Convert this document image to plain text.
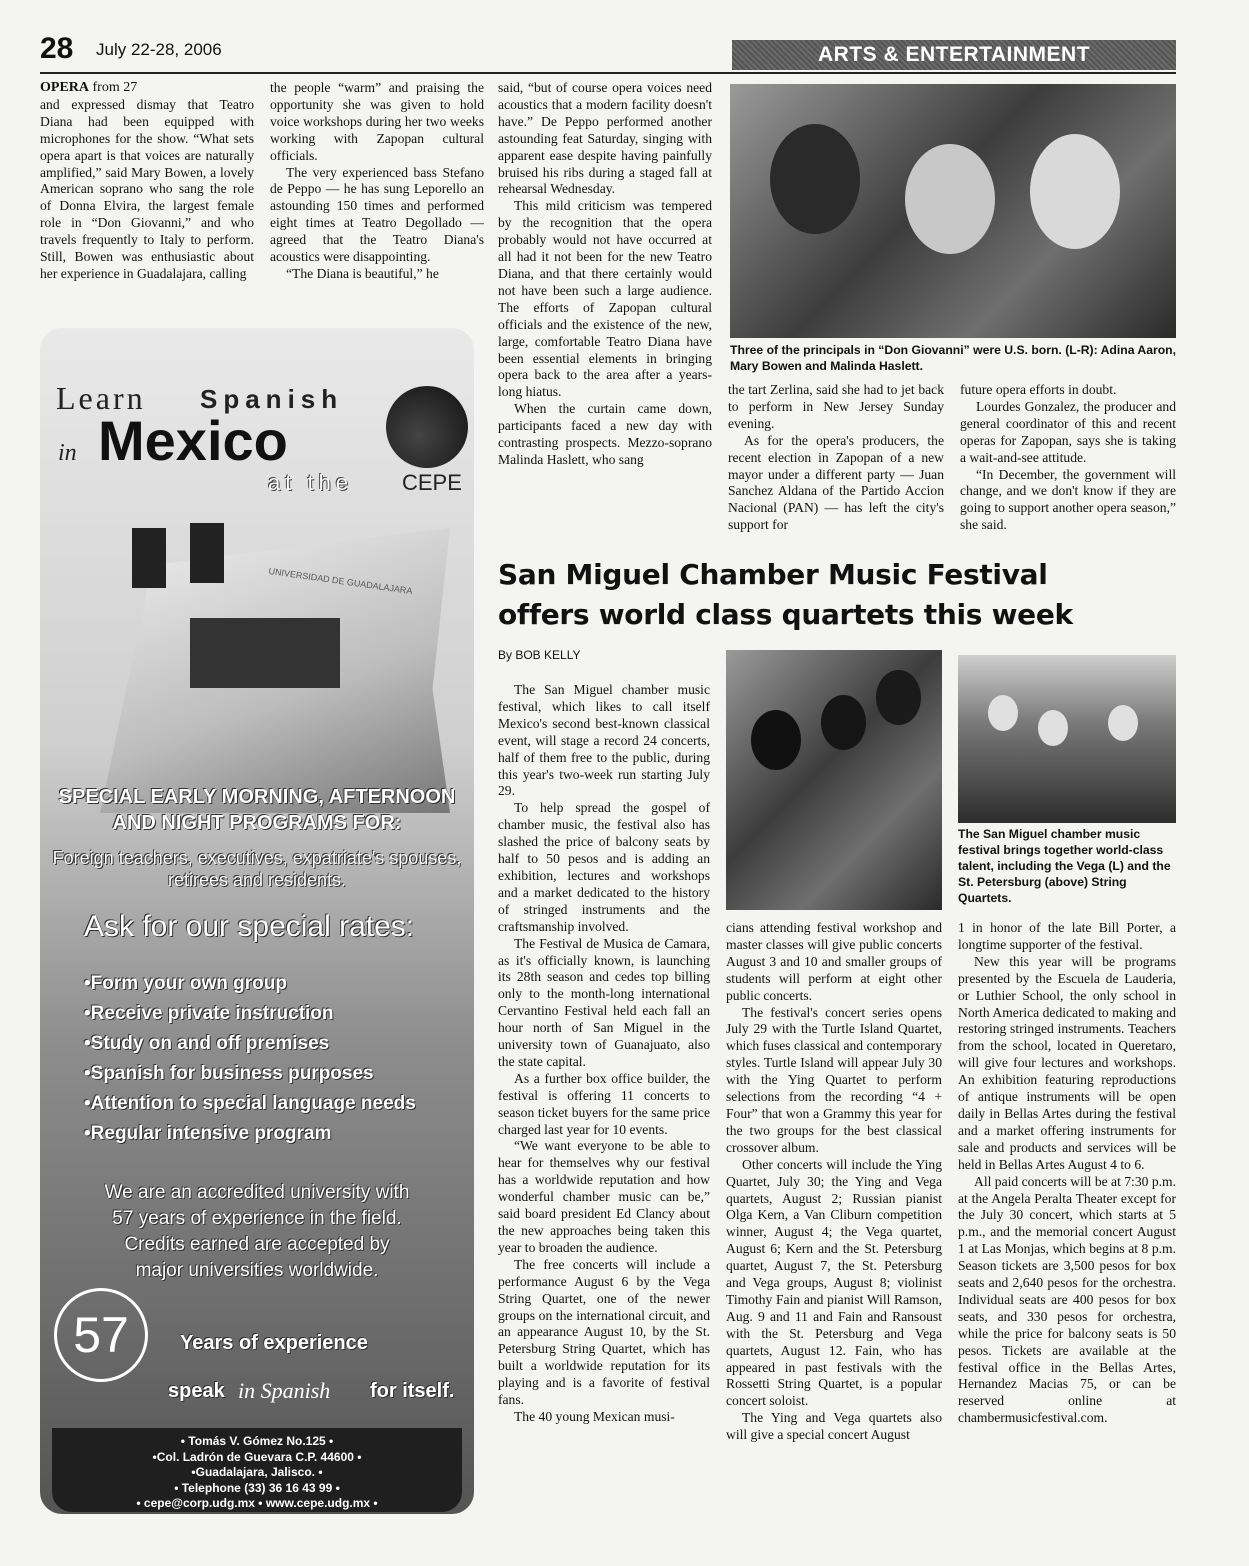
28 July 22-28, 2006	ARTS & ENTERTAINMENT
OPERA from 27

and expressed dismay that Teatro Diana had been equipped with microphones for the show. “What sets opera apart is that voices are naturally amplified,” said Mary Bowen, a lovely American soprano who sang the role of Donna Elvira, the largest female role in “Don Giovanni,” and who travels frequently to Italy to perform. Still, Bowen was enthusiastic about her experience in Guadalajara, calling

the people “warm” and praising the opportunity she was given to hold voice workshops during her two weeks working with Zapopan cultural officials.

The very experienced bass Stefano de Peppo — he has sung Leporello an astounding 150 times and performed eight times at Teatro Degollado — agreed that the Teatro Diana's acoustics were disappointing.

“The Diana is beautiful,” he

said, “but of course opera voices need acoustics that a modern facility doesn't have.” De Peppo performed another astounding feat Saturday, singing with apparent ease despite having painfully bruised his ribs during a staged fall at rehearsal Wednesday.

This mild criticism was tempered by the recognition that the opera probably would not have occurred at all had it not been for the new Teatro Diana, and that there certainly would not have been such a large audience. The efforts of Zapopan cultural officials and the existence of the new, large, comfortable Teatro Diana have been essential elements in bringing opera back to the area after a years-long hiatus.

When the curtain came down, participants faced a new day with contrasting prospects. Mezzo-soprano Malinda Haslett, who sang

Three of the principals in “Don Giovanni” were U.S. born. (L-R): Adina Aaron, Mary Bowen and Malinda Haslett.

the tart Zerlina, said she had to jet back to perform in New Jersey Sunday evening.

As for the opera's producers, the recent election in Zapopan of a new mayor under a different party — Juan Sanchez Aldana of the Partido Accion Nacional (PAN) — has left the city's support for

future opera efforts in doubt.

Lourdes Gonzalez, the producer and general coordinator of this and recent operas for Zapopan, says she is taking a wait-and-see attitude.

“In December, the government will change, and we don't know if they are going to support another opera season,” she said.

San Miguel Chamber Music Festival
offers world class quartets this week
By BOB KELLY

The San Miguel chamber music festival, which likes to call itself Mexico's second best-known classical event, will stage a record 24 concerts, half of them free to the public, during this year's two-week run starting July 29.

To help spread the gospel of chamber music, the festival also has slashed the price of balcony seats by half to 50 pesos and is adding an exhibition, lectures and workshops and a market dedicated to the history of stringed instruments and the craftsmanship involved.

The Festival de Musica de Camara, as it's officially known, is launching its 28th season and cedes top billing only to the month-long international Cervantino Festival held each fall an hour north of San Miguel in the university town of Guanajuato, also the state capital.

As a further box office builder, the festival is offering 11 concerts to season ticket buyers for the same price charged last year for 10 events.

“We want everyone to be able to hear for themselves why our festival has a worldwide reputation and how wonderful chamber music can be,” said board president Ed Clancy about the new approaches being taken this year to broaden the audience.

The free concerts will include a performance August 6 by the Vega String Quartet, one of the newer groups on the international circuit, and an appearance August 10, by the St. Petersburg String Quartet, which has built a worldwide reputation for its playing and is a favorite of festival fans.

The 40 young Mexican musi-

The San Miguel chamber music festival brings together world-class talent, including the Vega (L) and the St. Petersburg (above) String Quartets.

cians attending festival workshop and master classes will give public concerts August 3 and 10 and smaller groups of students will perform at eight other public concerts.

The festival's concert series opens July 29 with the Turtle Island Quartet, which fuses classical and contemporary styles. Turtle Island will appear July 30 with the Ying Quartet to perform selections from the recording “4 + Four” that won a Grammy this year for the two groups for the best classical crossover album.

Other concerts will include the Ying Quartet, July 30; the Ying and Vega quartets, August 2; Russian pianist Olga Kern, a Van Cliburn competition winner, August 4; the Vega quartet, August 6; Kern and the St. Petersburg quartet, August 7, the St. Petersburg and Vega groups, August 8; violinist Timothy Fain and pianist Will Ramson, Aug. 9 and 11 and Fain and Ransoust with the St. Petersburg and Vega quartets, August 12. Fain, who has appeared in past festivals with the Rossetti String Quartet, is a popular concert soloist.

The Ying and Vega quartets also will give a special concert August

1 in honor of the late Bill Porter, a longtime supporter of the festival.

New this year will be programs presented by the Escuela de Lauderia, or Luthier School, the only school in North America dedicated to making and restoring stringed instruments. Teachers from the school, located in Queretaro, will give four lectures and workshops. An exhibition featuring reproductions of antique instruments will be open daily in Bellas Artes during the festival and a market offering instruments for sale and products and services will be held in Bellas Artes August 4 to 6.

All paid concerts will be at 7:30 p.m. at the Angela Peralta Theater except for the July 30 concert, which starts at 5 p.m., and the memorial concert August 1 at Las Monjas, which begins at 8 p.m. Season tickets are 3,500 pesos for box seats and 2,640 pesos for the orchestra. Individual seats are 400 pesos for box seats, and 330 pesos for orchestra, while the price for balcony seats is 50 pesos. Tickets are available at the festival office in the Bellas Artes, Hernandez Macias 75, or can be reserved online at chambermusicfestival.com.

Learn Spanish
in Mexico
at the CEPE
UNIVERSIDAD DE GUADALAJARA
SPECIAL EARLY MORNING, AFTERNOON
AND NIGHT PROGRAMS FOR:
Foreign teachers, executives, expatriate's spouses,
retirees and residents.
Ask for our special rates:
•Form your own group
•Receive private instruction
•Study on and off premises
•Spanish for business purposes
•Attention to special language needs
•Regular intensive program
We are an accredited university with
57 years of experience in the field.
Credits earned are accepted by
major universities worldwide.
57	Years of experience
speak in Spanish for itself.
• Tomás V. Gómez No.125 •
•Col. Ladrón de Guevara C.P. 44600 •
•Guadalajara, Jalisco. •
• Telephone (33) 36 16 43 99 •
• cepe@corp.udg.mx • www.cepe.udg.mx •
